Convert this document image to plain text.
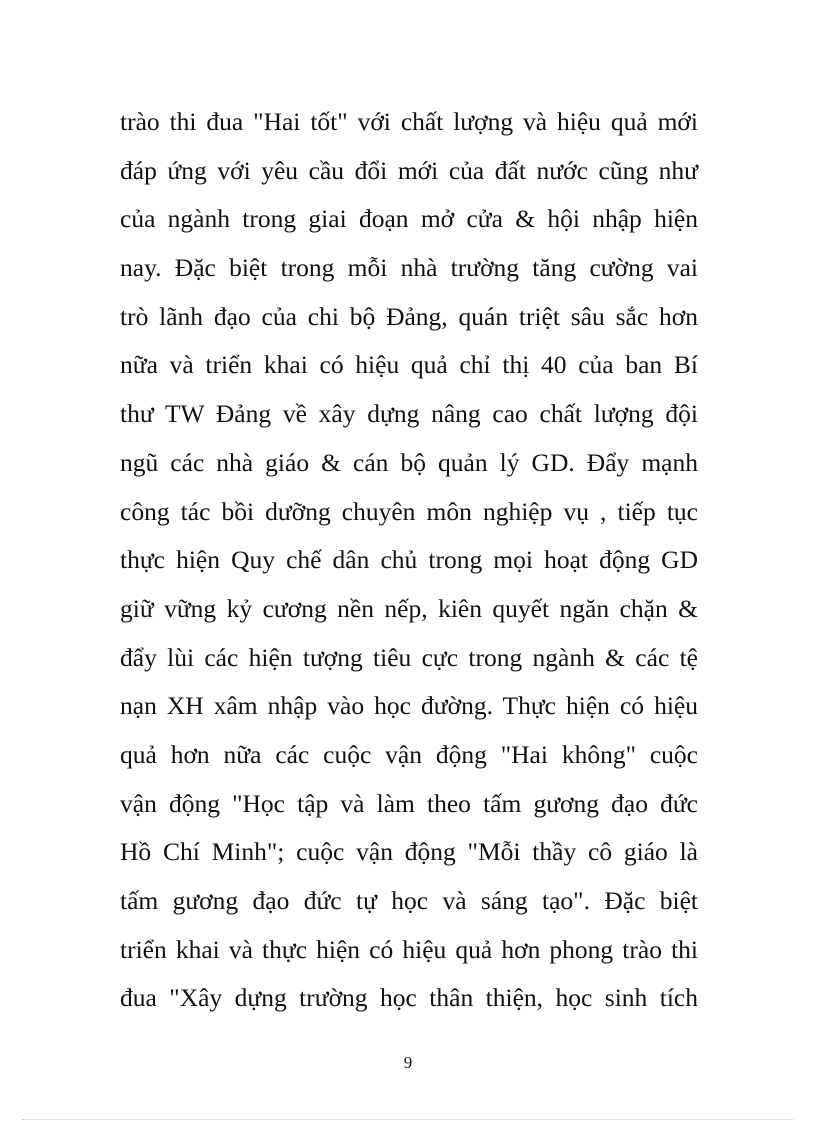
trào thi đua "Hai tốt" với chất lượng và hiệu quả mới
đáp ứng với yêu cầu đổi mới của đất nước cũng như
của ngành trong giai đoạn mở cửa & hội nhập hiện
nay. Đặc biệt trong mỗi nhà trường tăng cường vai
trò lãnh đạo của chi bộ Đảng, quán triệt sâu sắc hơn
nữa và triển khai có hiệu quả chỉ thị 40 của ban Bí
thư TW Đảng về xây dựng nâng cao chất lượng đội
ngũ các nhà giáo & cán bộ quản lý GD. Đẩy mạnh
công tác bồi dưỡng chuyên môn nghiệp vụ , tiếp tục
thực hiện Quy chế dân chủ trong mọi hoạt động GD
giữ vững kỷ cương nền nếp, kiên quyết ngăn chặn &
đẩy lùi các hiện tượng tiêu cực trong ngành & các tệ
nạn XH xâm nhập vào học đường. Thực hiện có hiệu
quả hơn nữa các cuộc vận động "Hai không" cuộc
vận động "Học tập và làm theo tấm gương đạo đức
Hồ Chí Minh"; cuộc vận động "Mỗi thầy cô giáo là
tấm gương đạo đức tự học và sáng tạo". Đặc biệt
triển khai và thực hiện có hiệu quả hơn phong trào thi
đua "Xây dựng trường học thân thiện, học sinh tích
9
